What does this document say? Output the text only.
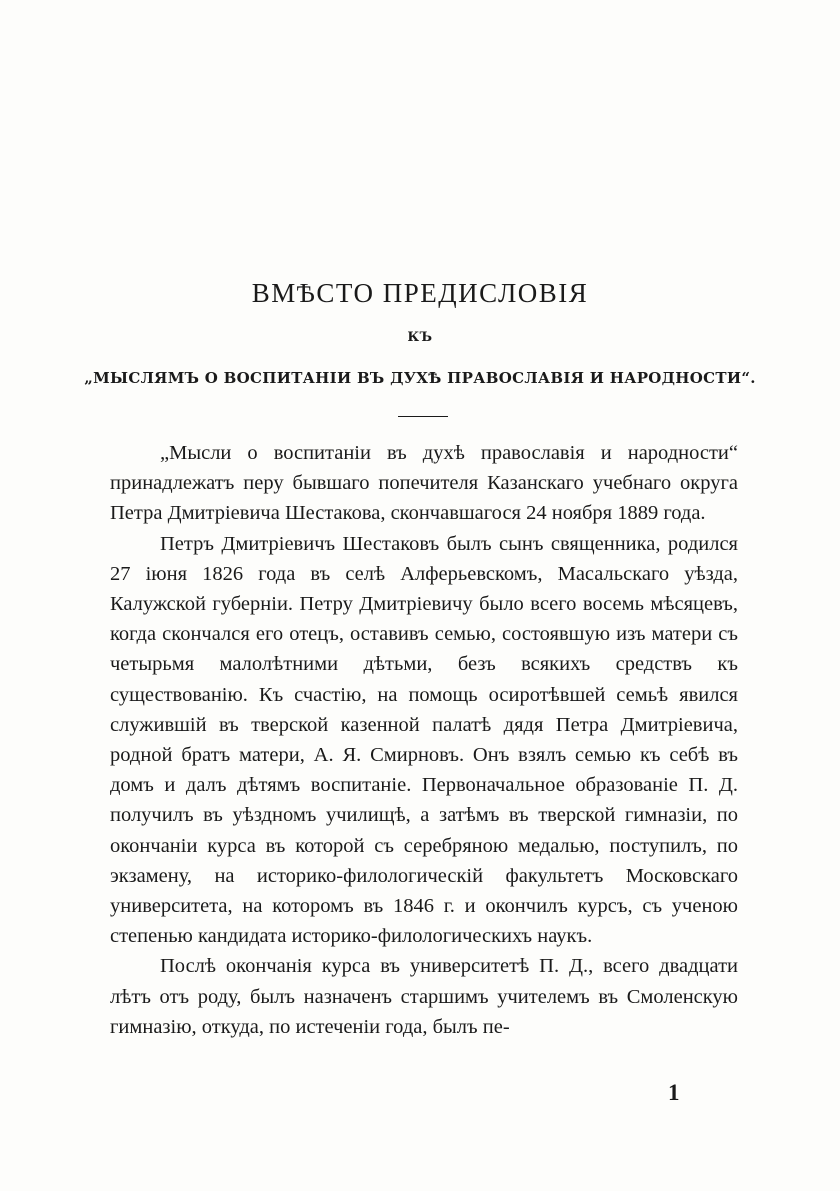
ВМѢСТО ПРЕДИСЛОВІЯ
КЪ
„МЫСЛЯМЪ О ВОСПИТАНІИ ВЪ ДУХѢ ПРАВОСЛАВІЯ И НАРОДНОСТИ“.

„Мысли о воспитаніи въ духѣ православія и народности“ принадлежатъ перу бывшаго попечителя Казанскаго учебнаго округа Петра Дмитріевича Шестакова, скончавшагося 24 ноября 1889 года.

Петръ Дмитріевичъ Шестаковъ былъ сынъ священника, родился 27 іюня 1826 года въ селѣ Алферьевскомъ, Масальскаго уѣзда, Калужской губерніи. Петру Дмитріевичу было всего восемь мѣсяцевъ, когда скончался его отецъ, оставивъ семью, состоявшую изъ матери съ четырьмя малолѣтними дѣтьми, безъ всякихъ средствъ къ существованію. Къ счастію, на помощь осиротѣвшей семьѣ явился служившій въ тверской казенной палатѣ дядя Петра Дмитріевича, родной братъ матери, А. Я. Смирновъ. Онъ взялъ семью къ себѣ въ домъ и далъ дѣтямъ воспитаніе. Первоначальное образованіе П. Д. получилъ въ уѣздномъ училищѣ, а затѣмъ въ тверской гимназіи, по окончаніи курса въ которой съ серебряною медалью, поступилъ, по экзамену, на историко-филологическій факультетъ Московскаго университета, на которомъ въ 1846 г. и окончилъ курсъ, съ ученою степенью кандидата историко-филологическихъ наукъ.

Послѣ окончанія курса въ университетѣ П. Д., всего двадцати лѣтъ отъ роду, былъ назначенъ старшимъ учителемъ въ Смоленскую гимназію, откуда, по истеченіи года, былъ пе-

1
